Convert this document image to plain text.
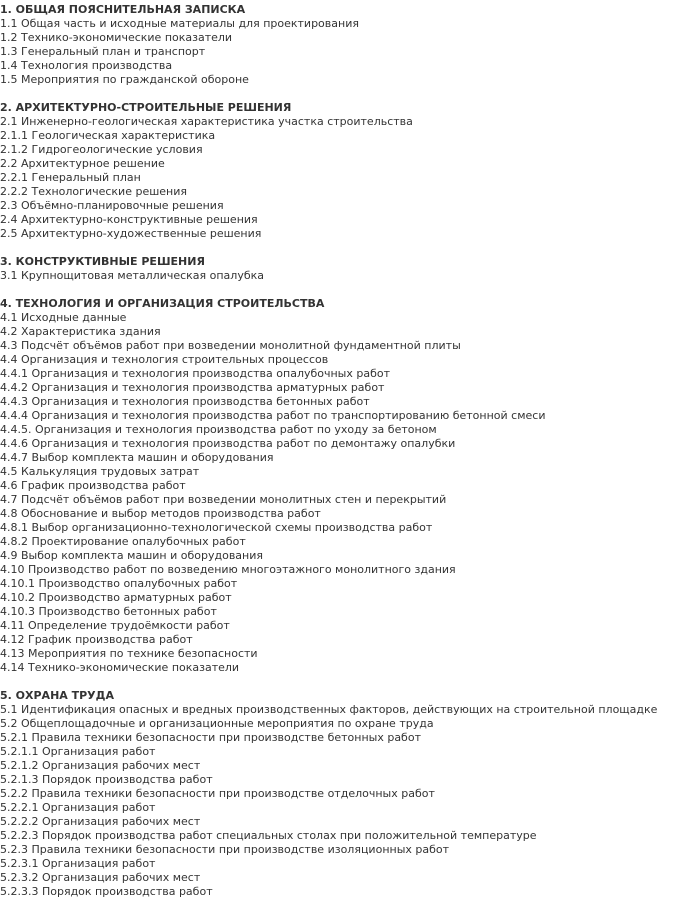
1. ОБЩАЯ ПОЯСНИТЕЛЬНАЯ ЗАПИСКА
1.1 Общая часть и исходные материалы для проектирования
1.2 Технико-экономические показатели
1.3 Генеральный план и транспорт
1.4 Технология производства
1.5 Мероприятия по гражданской обороне
2. АРХИТЕКТУРНО-СТРОИТЕЛЬНЫЕ РЕШЕНИЯ
2.1 Инженерно-геологическая характеристика участка строительства
2.1.1 Геологическая характеристика
2.1.2 Гидрогеологические условия
2.2 Архитектурное решение
2.2.1 Генеральный план
2.2.2 Технологические решения
2.3 Объёмно-планировочные решения
2.4 Архитектурно-конструктивные решения
2.5 Архитектурно-художественные решения
3. КОНСТРУКТИВНЫЕ РЕШЕНИЯ
3.1 Крупнощитовая металлическая опалубка
4. ТЕХНОЛОГИЯ И ОРГАНИЗАЦИЯ СТРОИТЕЛЬСТВА
4.1 Исходные данные
4.2 Характеристика здания
4.3 Подсчёт объёмов работ при возведении монолитной фундаментной плиты
4.4 Организация и технология строительных процессов
4.4.1 Организация и технология производства опалубочных работ
4.4.2 Организация и технология производства арматурных работ
4.4.3 Организация и технология производства бетонных работ
4.4.4 Организация и технология производства работ по транспортированию бетонной смеси
4.4.5. Организация и технология производства работ по уходу за бетоном
4.4.6 Организация и технология производства работ по демонтажу опалубки
4.4.7 Выбор комплекта машин и оборудования
4.5 Калькуляция трудовых затрат
4.6 График производства работ
4.7 Подсчёт объёмов работ при возведении монолитных стен и перекрытий
4.8 Обоснование и выбор методов производства работ
4.8.1 Выбор организационно-технологической схемы производства работ
4.8.2 Проектирование опалубочных работ
4.9 Выбор комплекта машин и оборудования
4.10 Производство работ по возведению многоэтажного монолитного здания
4.10.1 Производство опалубочных работ
4.10.2 Производство арматурных работ
4.10.3 Производство бетонных работ
4.11 Определение трудоёмкости работ
4.12 График производства работ
4.13 Мероприятия по технике безопасности
4.14 Технико-экономические показатели
5. ОХРАНА ТРУДА
5.1 Идентификация опасных и вредных производственных факторов, действующих на строительной площадке
5.2 Общеплощадочные и организационные мероприятия по охране труда
5.2.1 Правила техники безопасности при производстве бетонных работ
5.2.1.1 Организация работ
5.2.1.2 Организация рабочих мест
5.2.1.3 Порядок производства работ
5.2.2 Правила техники безопасности при производстве отделочных работ
5.2.2.1 Организация работ
5.2.2.2 Организация рабочих мест
5.2.2.3 Порядок производства работ специальных столах при положительной температуре
5.2.3 Правила техники безопасности при производстве изоляционных работ
5.2.3.1 Организация работ
5.2.3.2 Организация рабочих мест
5.2.3.3 Порядок производства работ
